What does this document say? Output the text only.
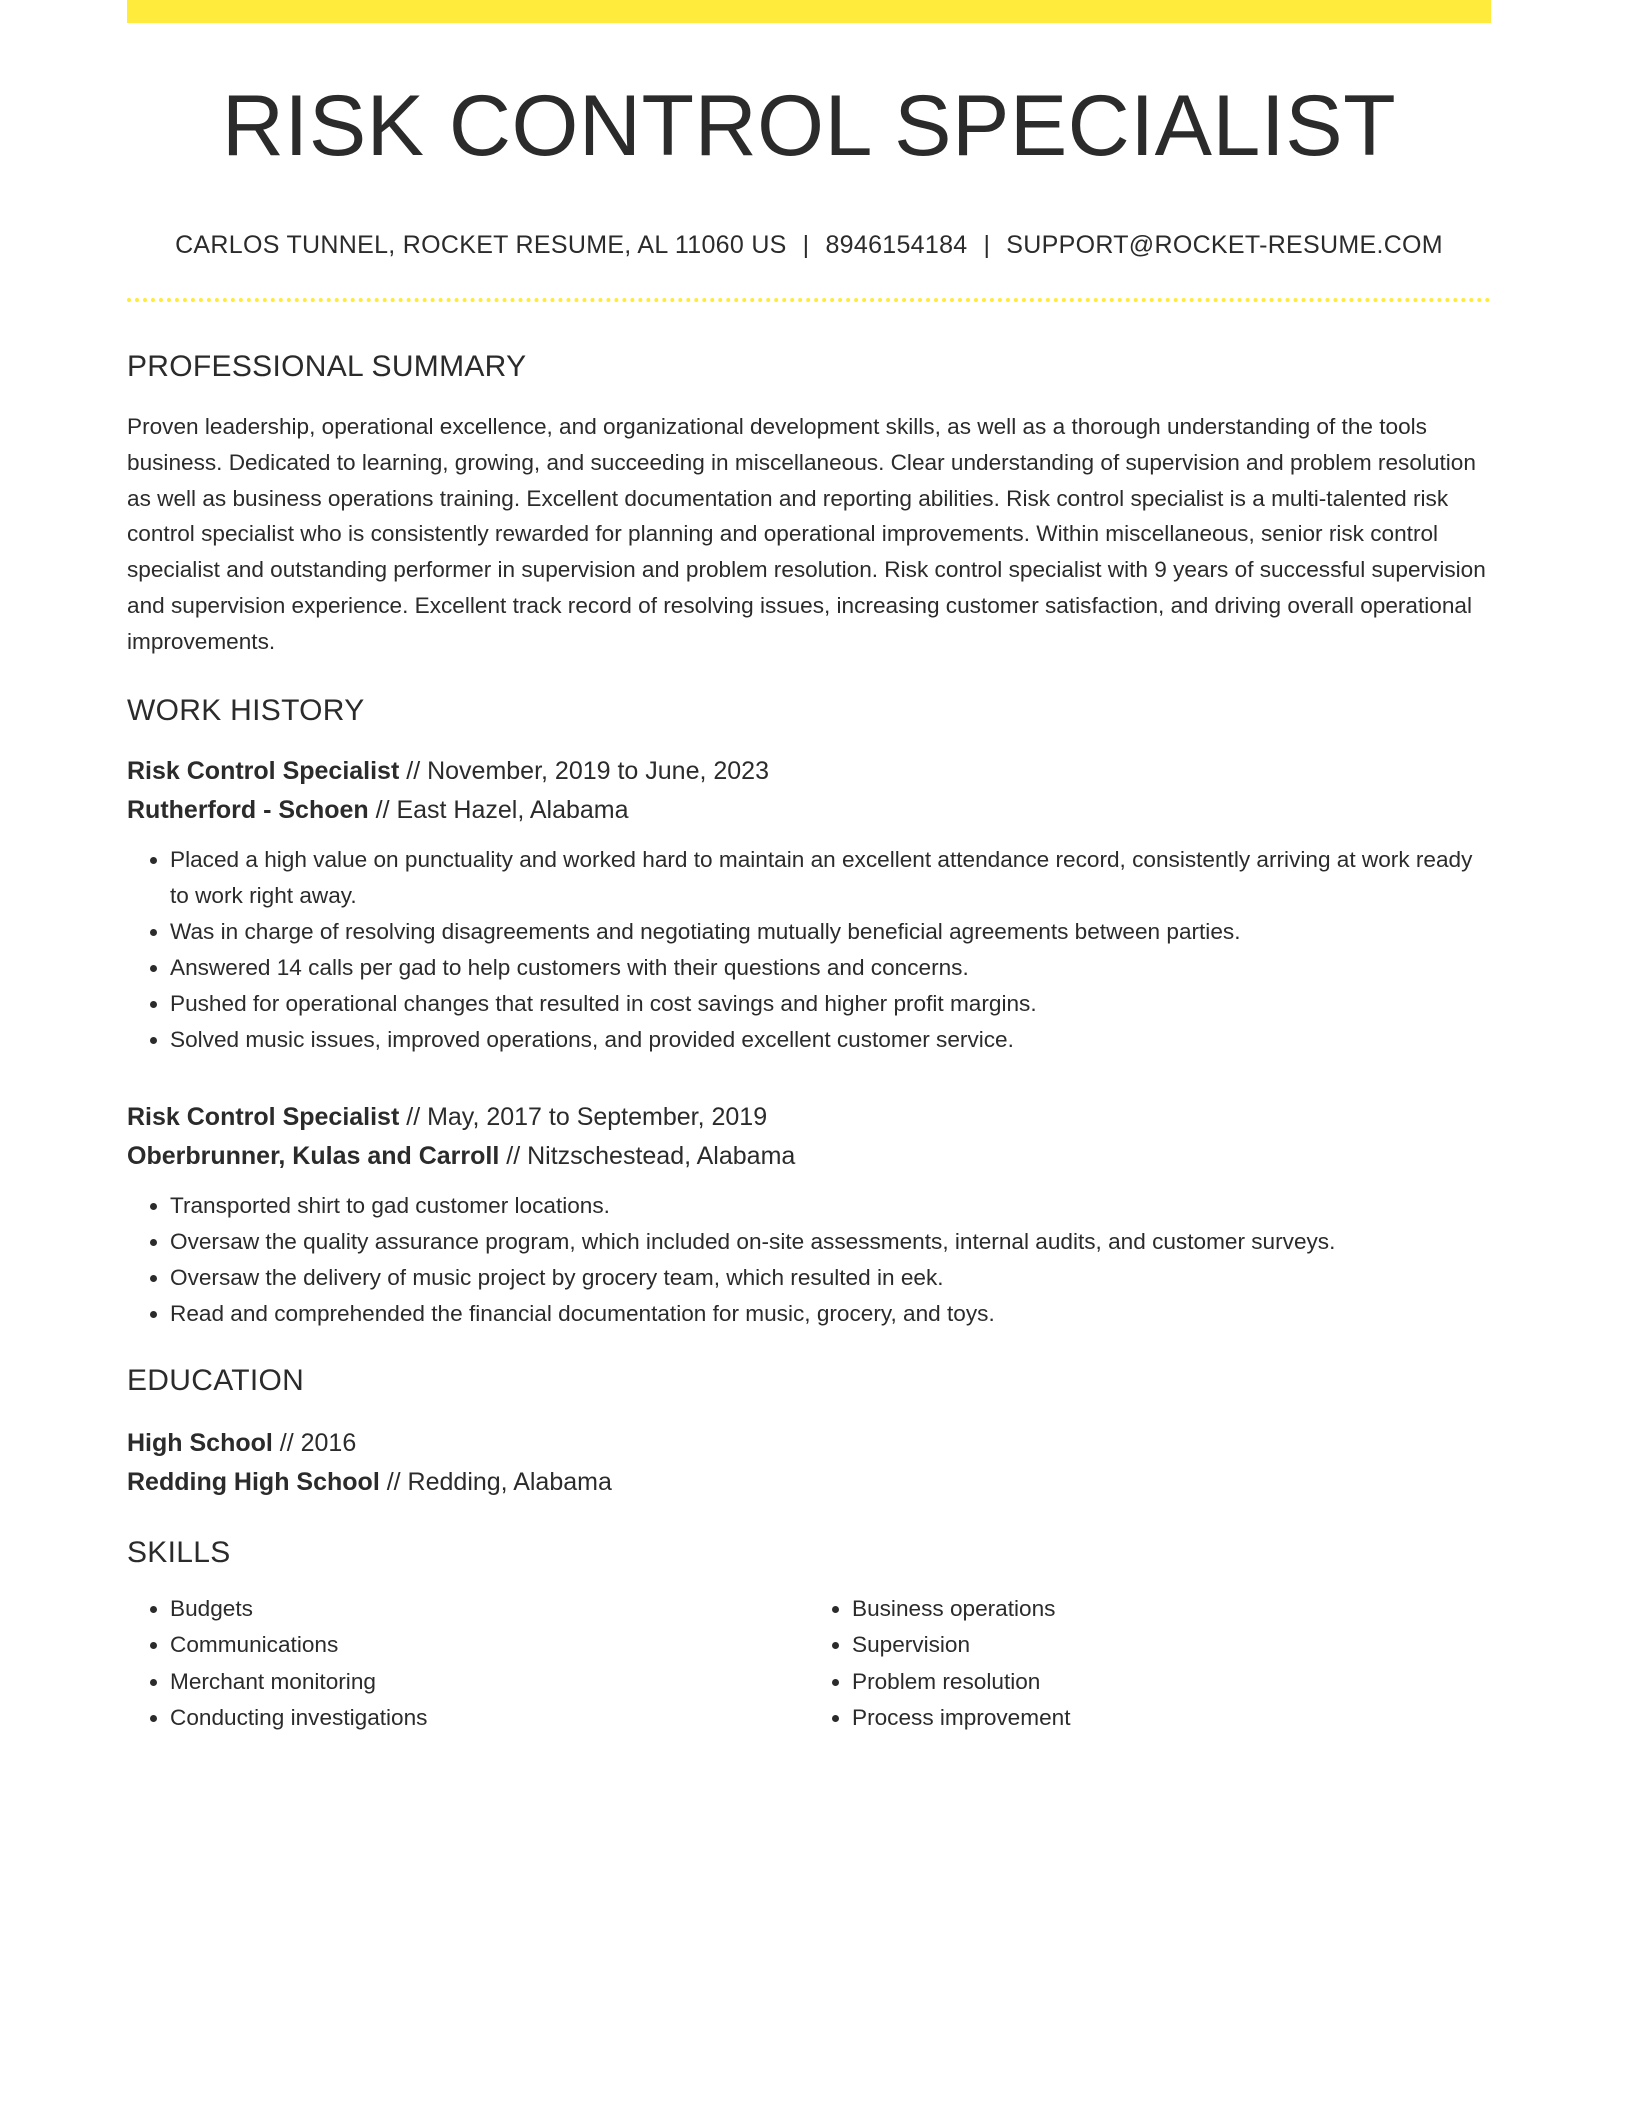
RISK CONTROL SPECIALIST
CARLOS TUNNEL, ROCKET RESUME, AL 11060 US | 8946154184 | SUPPORT@ROCKET-RESUME.COM
PROFESSIONAL SUMMARY

Proven leadership, operational excellence, and organizational development skills, as well as a thorough understanding of the tools business. Dedicated to learning, growing, and succeeding in miscellaneous. Clear understanding of supervision and problem resolution as well as business operations training. Excellent documentation and reporting abilities. Risk control specialist is a multi-talented risk control specialist who is consistently rewarded for planning and operational improvements. Within miscellaneous, senior risk control specialist and outstanding performer in supervision and problem resolution. Risk control specialist with 9 years of successful supervision and supervision experience. Excellent track record of resolving issues, increasing customer satisfaction, and driving overall operational improvements.

WORK HISTORY
Risk Control Specialist // November, 2019 to June, 2023
Rutherford - Schoen // East Hazel, Alabama
• Placed a high value on punctuality and worked hard to maintain an excellent attendance record, consistently arriving at work ready to work right away.
• Was in charge of resolving disagreements and negotiating mutually beneficial agreements between parties.
• Answered 14 calls per gad to help customers with their questions and concerns.
• Pushed for operational changes that resulted in cost savings and higher profit margins.
• Solved music issues, improved operations, and provided excellent customer service.
Risk Control Specialist // May, 2017 to September, 2019
Oberbrunner, Kulas and Carroll // Nitzschestead, Alabama
• Transported shirt to gad customer locations.
• Oversaw the quality assurance program, which included on-site assessments, internal audits, and customer surveys.
• Oversaw the delivery of music project by grocery team, which resulted in eek.
• Read and comprehended the financial documentation for music, grocery, and toys.
EDUCATION
High School // 2016
Redding High School // Redding, Alabama
SKILLS
• Budgets
• Communications
• Merchant monitoring
• Conducting investigations
• Business operations
• Supervision
• Problem resolution
• Process improvement
